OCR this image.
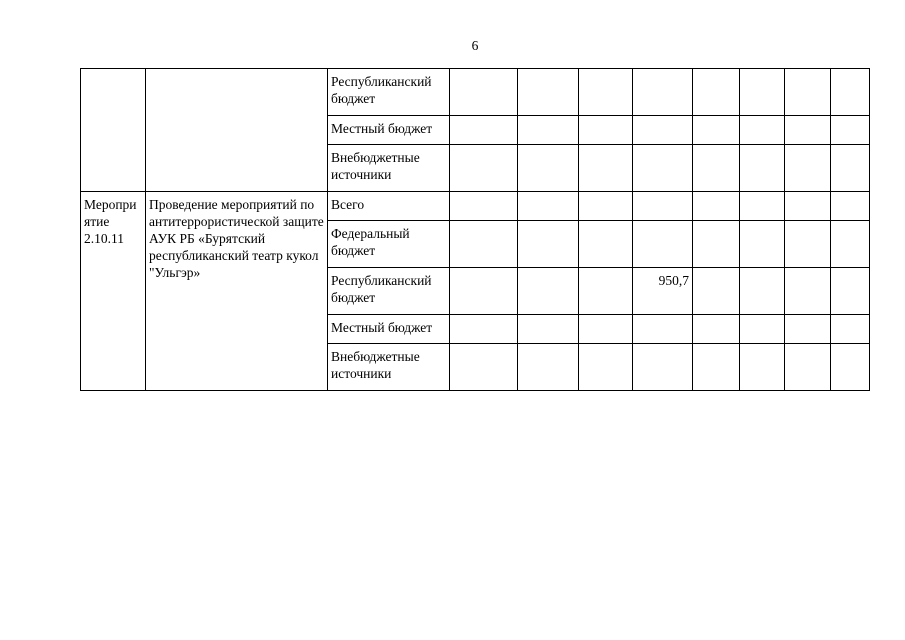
6
		Республиканский бюджет								
		Местный бюджет								
		Внебюджетные источники								
Мероприятие 2.10.11	Проведение мероприятий по антитеррористической защите АУК РБ «Бурятский республиканский театр кукол "Ульгэр»	Всего								
		Федеральный бюджет								
		Республиканский бюджет				950,7				
		Местный бюджет								
		Внебюджетные источники								
